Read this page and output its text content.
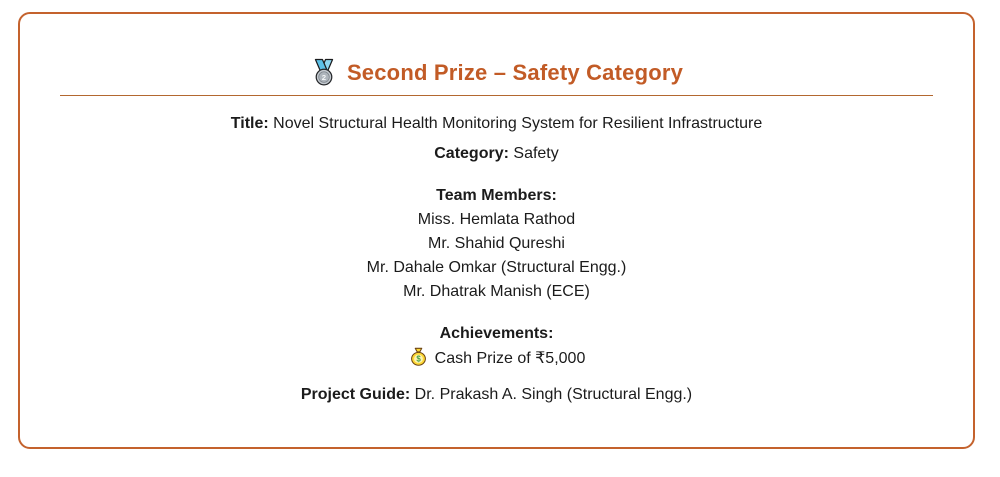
2 Second Prize – Safety Category

Title: Novel Structural Health Monitoring System for Resilient Infrastructure

Category: Safety

Team Members:
Miss. Hemlata Rathod
Mr. Shahid Qureshi
Mr. Dahale Omkar (Structural Engg.)
Mr. Dhatrak Manish (ECE)
Achievements:
$ Cash Prize of ₹5,000

Project Guide: Dr. Prakash A. Singh (Structural Engg.)
